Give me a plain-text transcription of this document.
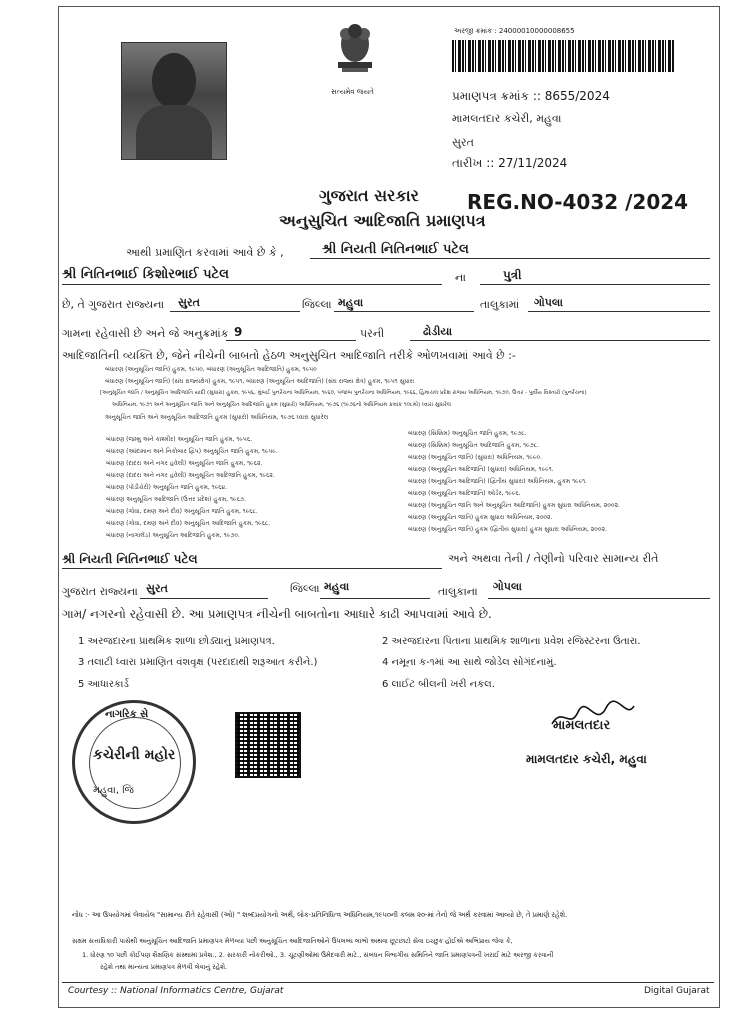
સત્યમેવ જયતે
અરજી ક્રમાંક : 2400001000000​8655
પ્રમાણપત્ર ક્રમાંક :: 8655/2024
મામલતદાર કચેરી, મહુવા
સુરત
તારીખ :: 27/11/2024
ગુજરાત સરકાર REG.NO-4032 /2024
અનુસુચિત આદિજાતિ પ્રમાણપત્ર
આથી પ્રમાણિત કરવામાં આવે છે કે ,	શ્રી નિયતી નિતિનભાઈ પટેલ
શ્રી નિતિનભાઈ કિશોરભાઈ પટેલ	ના	પુત્રી
છે, તે ગુજરાત રાજ્યના સુરત	જિલ્લા મહુવા	તાલુકામાં ગોપલા
ગામના રહેવાસી છે અને જે અનુક્રમાંક 9	પરની	ઢોડીયા
આદિજાતિની વ્યક્તિ છે, જેને નીચેની બાબતો હેઠળ અનુસુચિત આદિજાતિ તરીકે ઓળખવામાં આવે છે :-
બંધારણ (અનુસૂચિત જાતિ) હુકમ, ૧૯૫૦, બંધારણ (અનુસૂચિત આદિજાતિ) હુકમ, ૧૯૫૦
બંધારણ (અનુસૂચિત જાતિ) (સંઘ રાજ્યક્ષેત્ર) હુકમ, ૧૯૫૧, બંધારણ (અનુસૂચિત આદિજાતિ) (સંઘ રાજ્ય ક્ષેત્ર) હુકમ, ૧૯૫૧ સુધારા
[અનુસૂચિત જાતિ / અનુસૂચિત આદિજાતિ યાદી (સુધારા) હુકમ, ૧૯૫૬, મુંબઈ પુનર્રચના અધિનિયમ, ૧૯૬૦, પંજાબ પુનર્રચના અધિનિયમ, ૧૯૬૬, હિમાચલ પ્રદેશ રાજ્ય અધિનિયમ, ૧૯૭૦, ઉત્તર - પુર્વીય વિસ્તારો (પુનર્રચના)
અધિનિયમ, ૧૯૭૧ અને અનુસૂચિત જાતિ અને અનુસૂચિત આદિજાતિ હુકમ (સુધારો) અધિનિયમ, ૧૯૭૬ (૧૯૭૬નો અધિનિયમ ક્રમાંક ૧૦૮મો) ધ્વારા સુધારેલ
અનુસૂચિત જાતિ અને અનુસૂચિત આદિજાતિ હુકમ (સુધારો) અધિનિયમ, ૧૯૭૬ ધ્વારા સુધારેલ
બંધારણ (જમ્મુ અને કાશ્મીર) અનુસૂચિત જાતિ હુકમ, ૧૯૫૬.
બંધારણ (આંદામાન અને નિકોબાર દ્વિપ) અનુસૂચિત જાતિ હુકમ, ૧૯૫૯.
બંધારણ (દાદરા અને નગર હવેલી) અનુસૂચિત જાતિ હુકમ, ૧૯૬૨.
બંધારણ (દાદરા અને નગર હવેલી) અનુસૂચિત આદિજાતિ હુકમ, ૧૯૬૨.
બંધારણ (પોંડીચેરી) અનુસૂચિત જાતિ હુકમ, ૧૯૬૪.
બંધારણ અનુસૂચિત આદિજાતિ (ઉત્તર પ્રદેશ) હુકમ, ૧૯૬૭.
બંધારણ (ગોવા, દમણ અને દીવ) અનુસૂચિત જાતિ હુકમ, ૧૯૬૮.
બંધારણ (ગોવા, દમણ અને દીવ) અનુસૂચિત આદિજાતિ હુકમ, ૧૯૬૮.
બંધારણ (નાગાલેંડ) અનુસૂચિત આદિજાતિ હુકમ, ૧૯૭૦.
બંધારણ (સિક્કિમ) અનુસૂચિત જાતિ હુકમ, ૧૯૭૮.
બંધારણ (સિક્કિમ) અનુસૂચિત આદિજાતિ હુકમ, ૧૯૭૮.
બંધારણ (અનુસૂચિત જાતિ) (સુધારા) અધિનિયમ, ૧૯૯૦.
બંધારણ (અનુસૂચિત આદિજાતિ) (સુધારા) અધિનિયમ, ૧૯૯૧.
બંધારણ (અનુસૂચિત આદિજાતિ) (દ્વિતીય સુધારા) અધિનિયમ, હુકમ ૧૯૯૧.
બંધારણ (અનુસૂચિત આદિજાતિ) ઓર્ડર, ૧૯૯૬.
બંધારણ (અનુસૂચિત જાતિ અને અનુસૂચિત આદિજાતિ) હુકમ સુધારા અધિનિયમ, ૨૦૦૨.
બંધારણ (અનુસૂચિત જાતિ) હુકમ સુધારા અધિનિયમ, ૨૦૦૨.
બંધારણ (અનુસૂચિત જાતિ) હુકમ (દ્વિતીય સુધારા) હુકમ સુધારા અધિનિયમ, ૨૦૦૨.
શ્રી નિયતી નિતિનભાઈ પટેલ	અને અથવા તેની / તેણીનો પરિવાર સામાન્ય રીતે
ગુજરાત રાજ્યના સુરત	જિલ્લા મહુવા	તાલુકાના ગોપલા
ગામ/ નગરનો રહેવાસી છે. આ પ્રમાણપત્ર નીચેની બાબતોના આધારે કાઢી આપવામાં આવે છે.
1 અરજદારના પ્રાથમિક શાળા છોડ્યાનું પ્રમાણપત્ર.	2 અરજદારના પિતાના પ્રાથમિક શાળાના પ્રવેશ રજિસ્ટરના ઉતારા.
3 તલાટી ધ્વારા પ્રમાણિત વંશવૃક્ષ (પરદાદાથી શરૂઆત કરીને.)	4 નમૂના ક-૧માં આ સાથે જોડેલ સોગંદનામું.
5 આધારકાર્ડ	6 લાઈટ બીલની ખરી નકલ.
નાગરિક સે
કચેરીની મહોર
મહુવા, જિ
મામલતદાર
મામલતદાર કચેરી, મહુવા
નોંધ :- આ ઉપયોગમાં લેવાયેલ "સામાન્ય રીતે રહેવાસી (ઓ) " શબ્દપ્રયોગનો અર્થ, લોક-પ્રતિનિધિત્વ અધિનિયમ,૧૯૫૦ની કલમ ૨૦-માં તેનો જે અર્થ કરવામાં આવ્યો છે, તે પ્રમાણે રહેશે.
સક્ષમ સત્તાધિકારી પાસેથી અનુસૂચિત આદિજાતિ પ્રમાણપત્ર મેળવ્યા પછી અનુસૂચિત આદિજાતિઓને ઉપલબ્ધ લાભો અથવા છૂટછાટો સેવા ઇચ્છુક હોઈએ અભિપ્રાય જેવા કે,
1. ધોરણ ૧૦ પછી કોઈપણ શૈક્ષણિક સંસ્થામાં પ્રવેશ., 2. સરકારી નોકરીઓ., 3. ચૂંટણીઓમાં ઉમેદવારી માટે., સંબંધન વિભાગીય સમિતિને જાતિ પ્રમાણપત્રની ખરાઈ માટે અરજી કરવાની
રહેશે તથા માન્યતા પ્રમાણપત્ર મેળવી લેવાનું રહેશે.
Courtesy :: National Informatics Centre, Gujarat	Digital Gujarat
